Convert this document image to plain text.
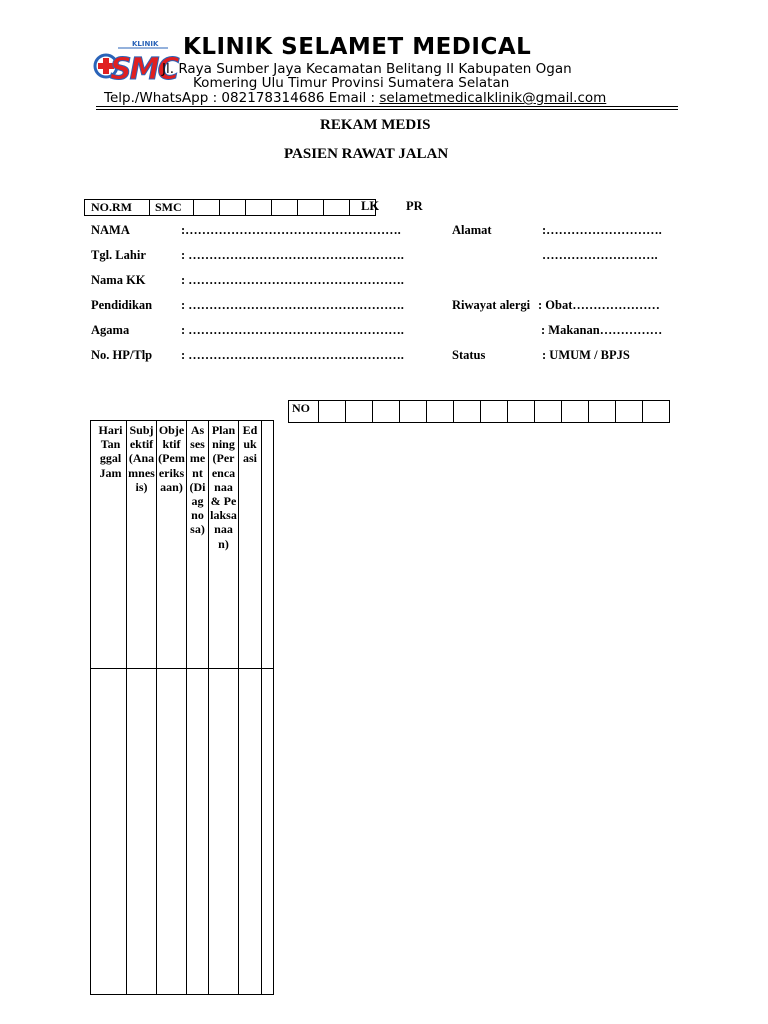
KLINIK
SMC
KLINIK SELAMET MEDICAL
Jl. Raya Sumber Jaya Kecamatan Belitang II Kabupaten Ogan
Komering Ulu Timur Provinsi Sumatera Selatan
Telp./WhatsApp : 082178314686 Email : selametmedicalklinik@gmail.com
REKAM MEDIS
PASIEN RAWAT JALAN
NO.RM	SMC								LK PR
NAMA	:…………………………………………….
Tgl. Lahir	: …………………………………………….
Nama KK	: …………………………………………….
Pendidikan : …………………………………………….
Agama	: …………………………………………….
No. HP/Tlp : …………………………………………….
Alamat	:……………………….
……………………….
Riwayat alergi : Obat…………………
: Makanan……………
Status	: UMUM / BPJS
NO													
HariTanggalJam	Subjektif (Anamnesis)	Objektif (Pemeriksaan)	Assesment (Diagnosa)	Planning (Perencanaa & Pelaksanaan)	Edukasi	
